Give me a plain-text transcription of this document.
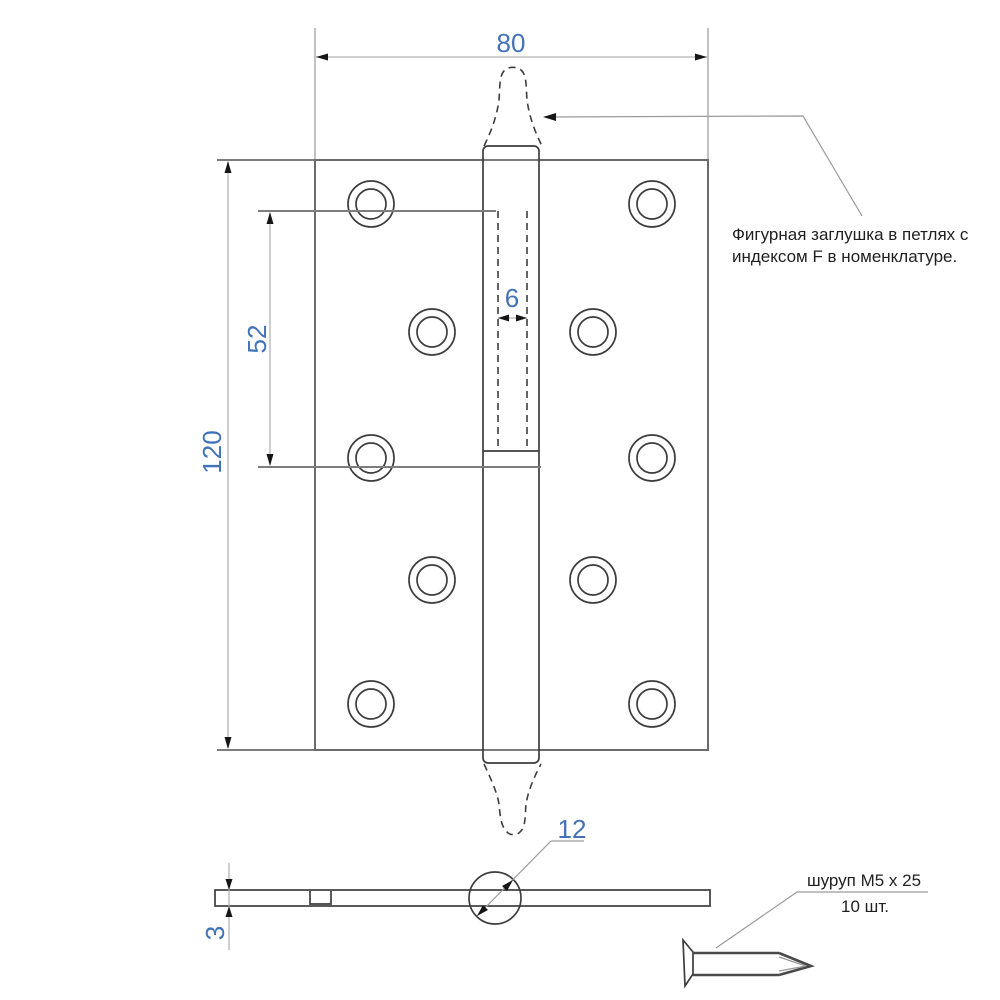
80
120
52
6
Фигурная заглушка в петлях с
индексом F в номенклатуре.
12
3
шуруп M5 x 25
10 шт.
